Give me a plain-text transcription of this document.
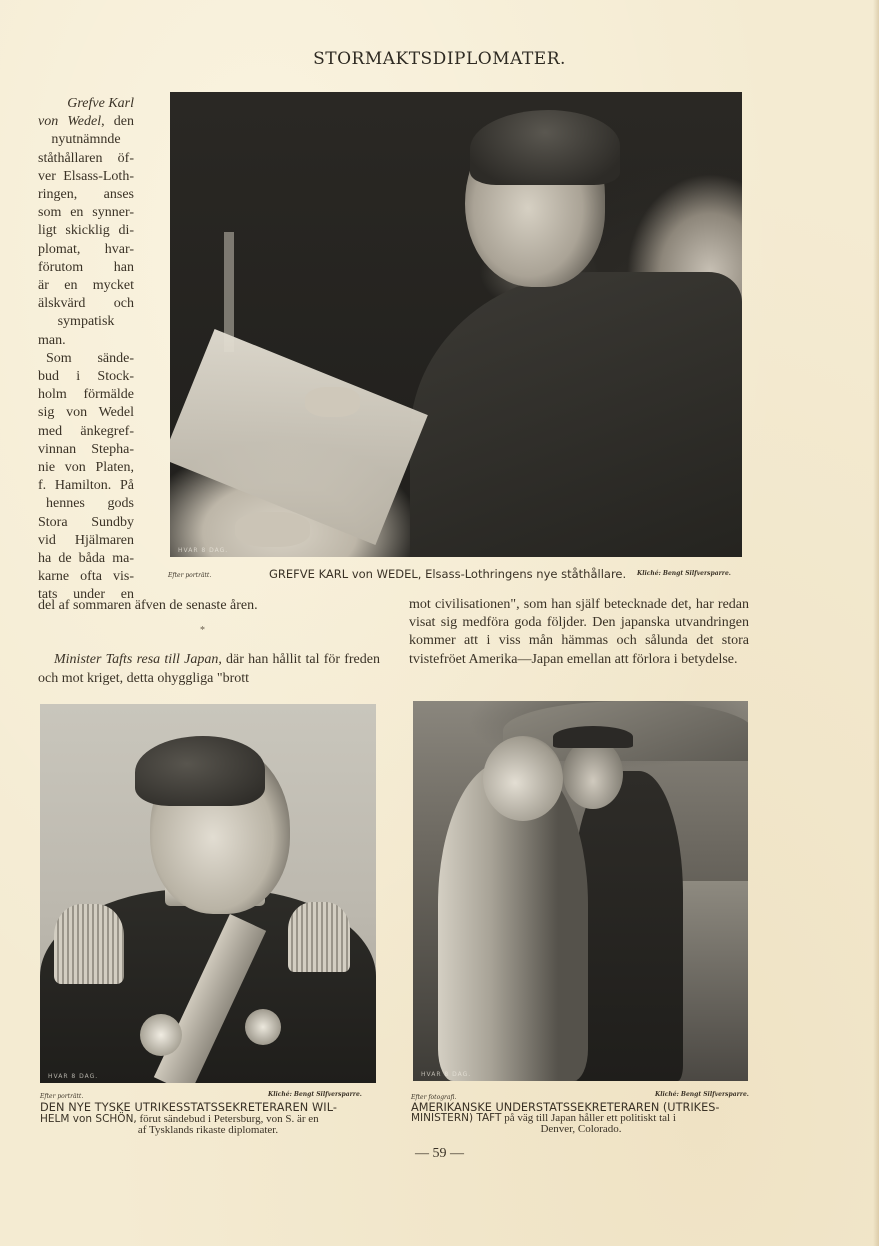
STORMAKTSDIPLOMATER.
Grefve Karl
von Wedel, den
nyutnämnde
ståthållaren öf-
ver Elsass-Loth-
ringen, anses
som en synner-
ligt skicklig di-
plomat, hvar-
förutom han
är en mycket
älskvärd och
sympatisk
man.
Som sände-
bud i Stock-
holm förmälde
sig von Wedel
med änkegref-
vinnan Stepha-
nie von Platen,
f. Hamilton. På
hennes gods
Stora Sundby
vid Hjälmaren
ha de båda ma-
karne ofta vis-
tats under en
del af sommaren äfven de senaste åren.
HVAR 8 DAG.
Efter porträtt.	GREFVE KARL von WEDEL, Elsass-Lothringens nye ståthållare. Kliché: Bengt Silfversparre.
*

Minister Tafts resa till Japan, där han hållit tal för freden och mot kriget, detta ohyggliga "brott

mot civilisationen", som han själf betecknade det, har redan visat sig medföra goda följder. Den japanska utvandringen kommer att i viss mån hämmas och sålunda det stora tvistefröet Amerika—Japan emellan att förlora i betydelse.
HVAR 8 DAG.
Efter porträtt.	Kliché: Bengt Silfversparre.
DEN NYE TYSKE UTRIKESSTATSSEKRETERAREN WIL-
HELM von SCHÖN, förut sändebud i Petersburg, von S. är en
af Tysklands rikaste diplomater.
HVAR 8 DAG.
Efter fotografi.	Kliché: Bengt Silfversparre.
AMERIKANSKE UNDERSTATSSEKRETERAREN (UTRIKES-
MINISTERN) TAFT på väg till Japan håller ett politiskt tal i
Denver, Colorado.
— 59 —
